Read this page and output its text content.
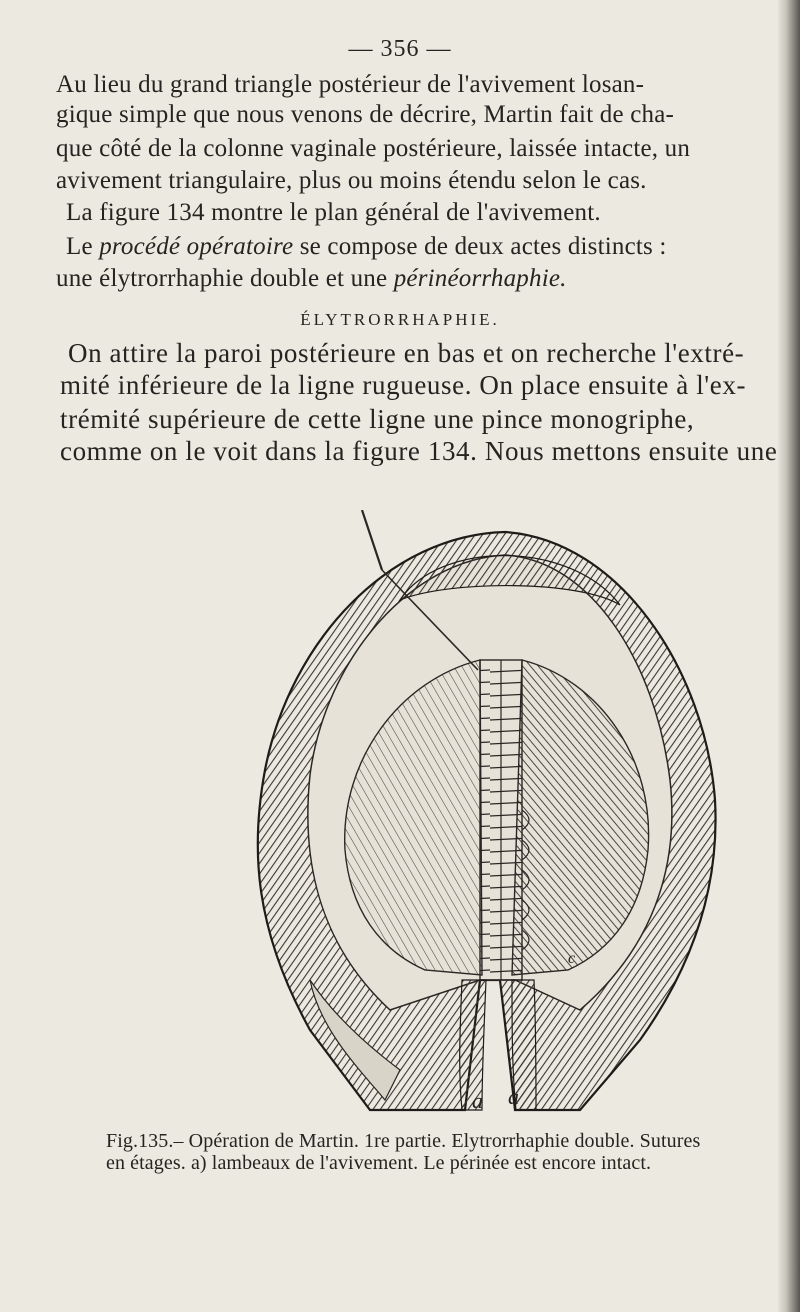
— 356 —
Au lieu du grand triangle postérieur de l'avivement losan-
gique simple que nous venons de décrire, Martin fait de cha-
que côté de la colonne vaginale postérieure, laissée intacte, un
avivement triangulaire, plus ou moins étendu selon le cas.
La figure 134 montre le plan général de l'avivement.
Le procédé opératoire se compose de deux actes distincts :
une élytrorrhaphie double et une périnéorrhaphie.
ÉLYTRORRHAPHIE.
On attire la paroi postérieure en bas et on recherche l'extré-
mité inférieure de la ligne rugueuse. On place ensuite à l'ex-
trémité supérieure de cette ligne une pince monogriphe,
comme on le voit dans la figure 134. Nous mettons ensuite une
a a
c
Fig.135.– Opération de Martin. 1re partie. Elytrorrhaphie double. Sutures
en étages. a) lambeaux de l'avivement. Le périnée est encore intact.
